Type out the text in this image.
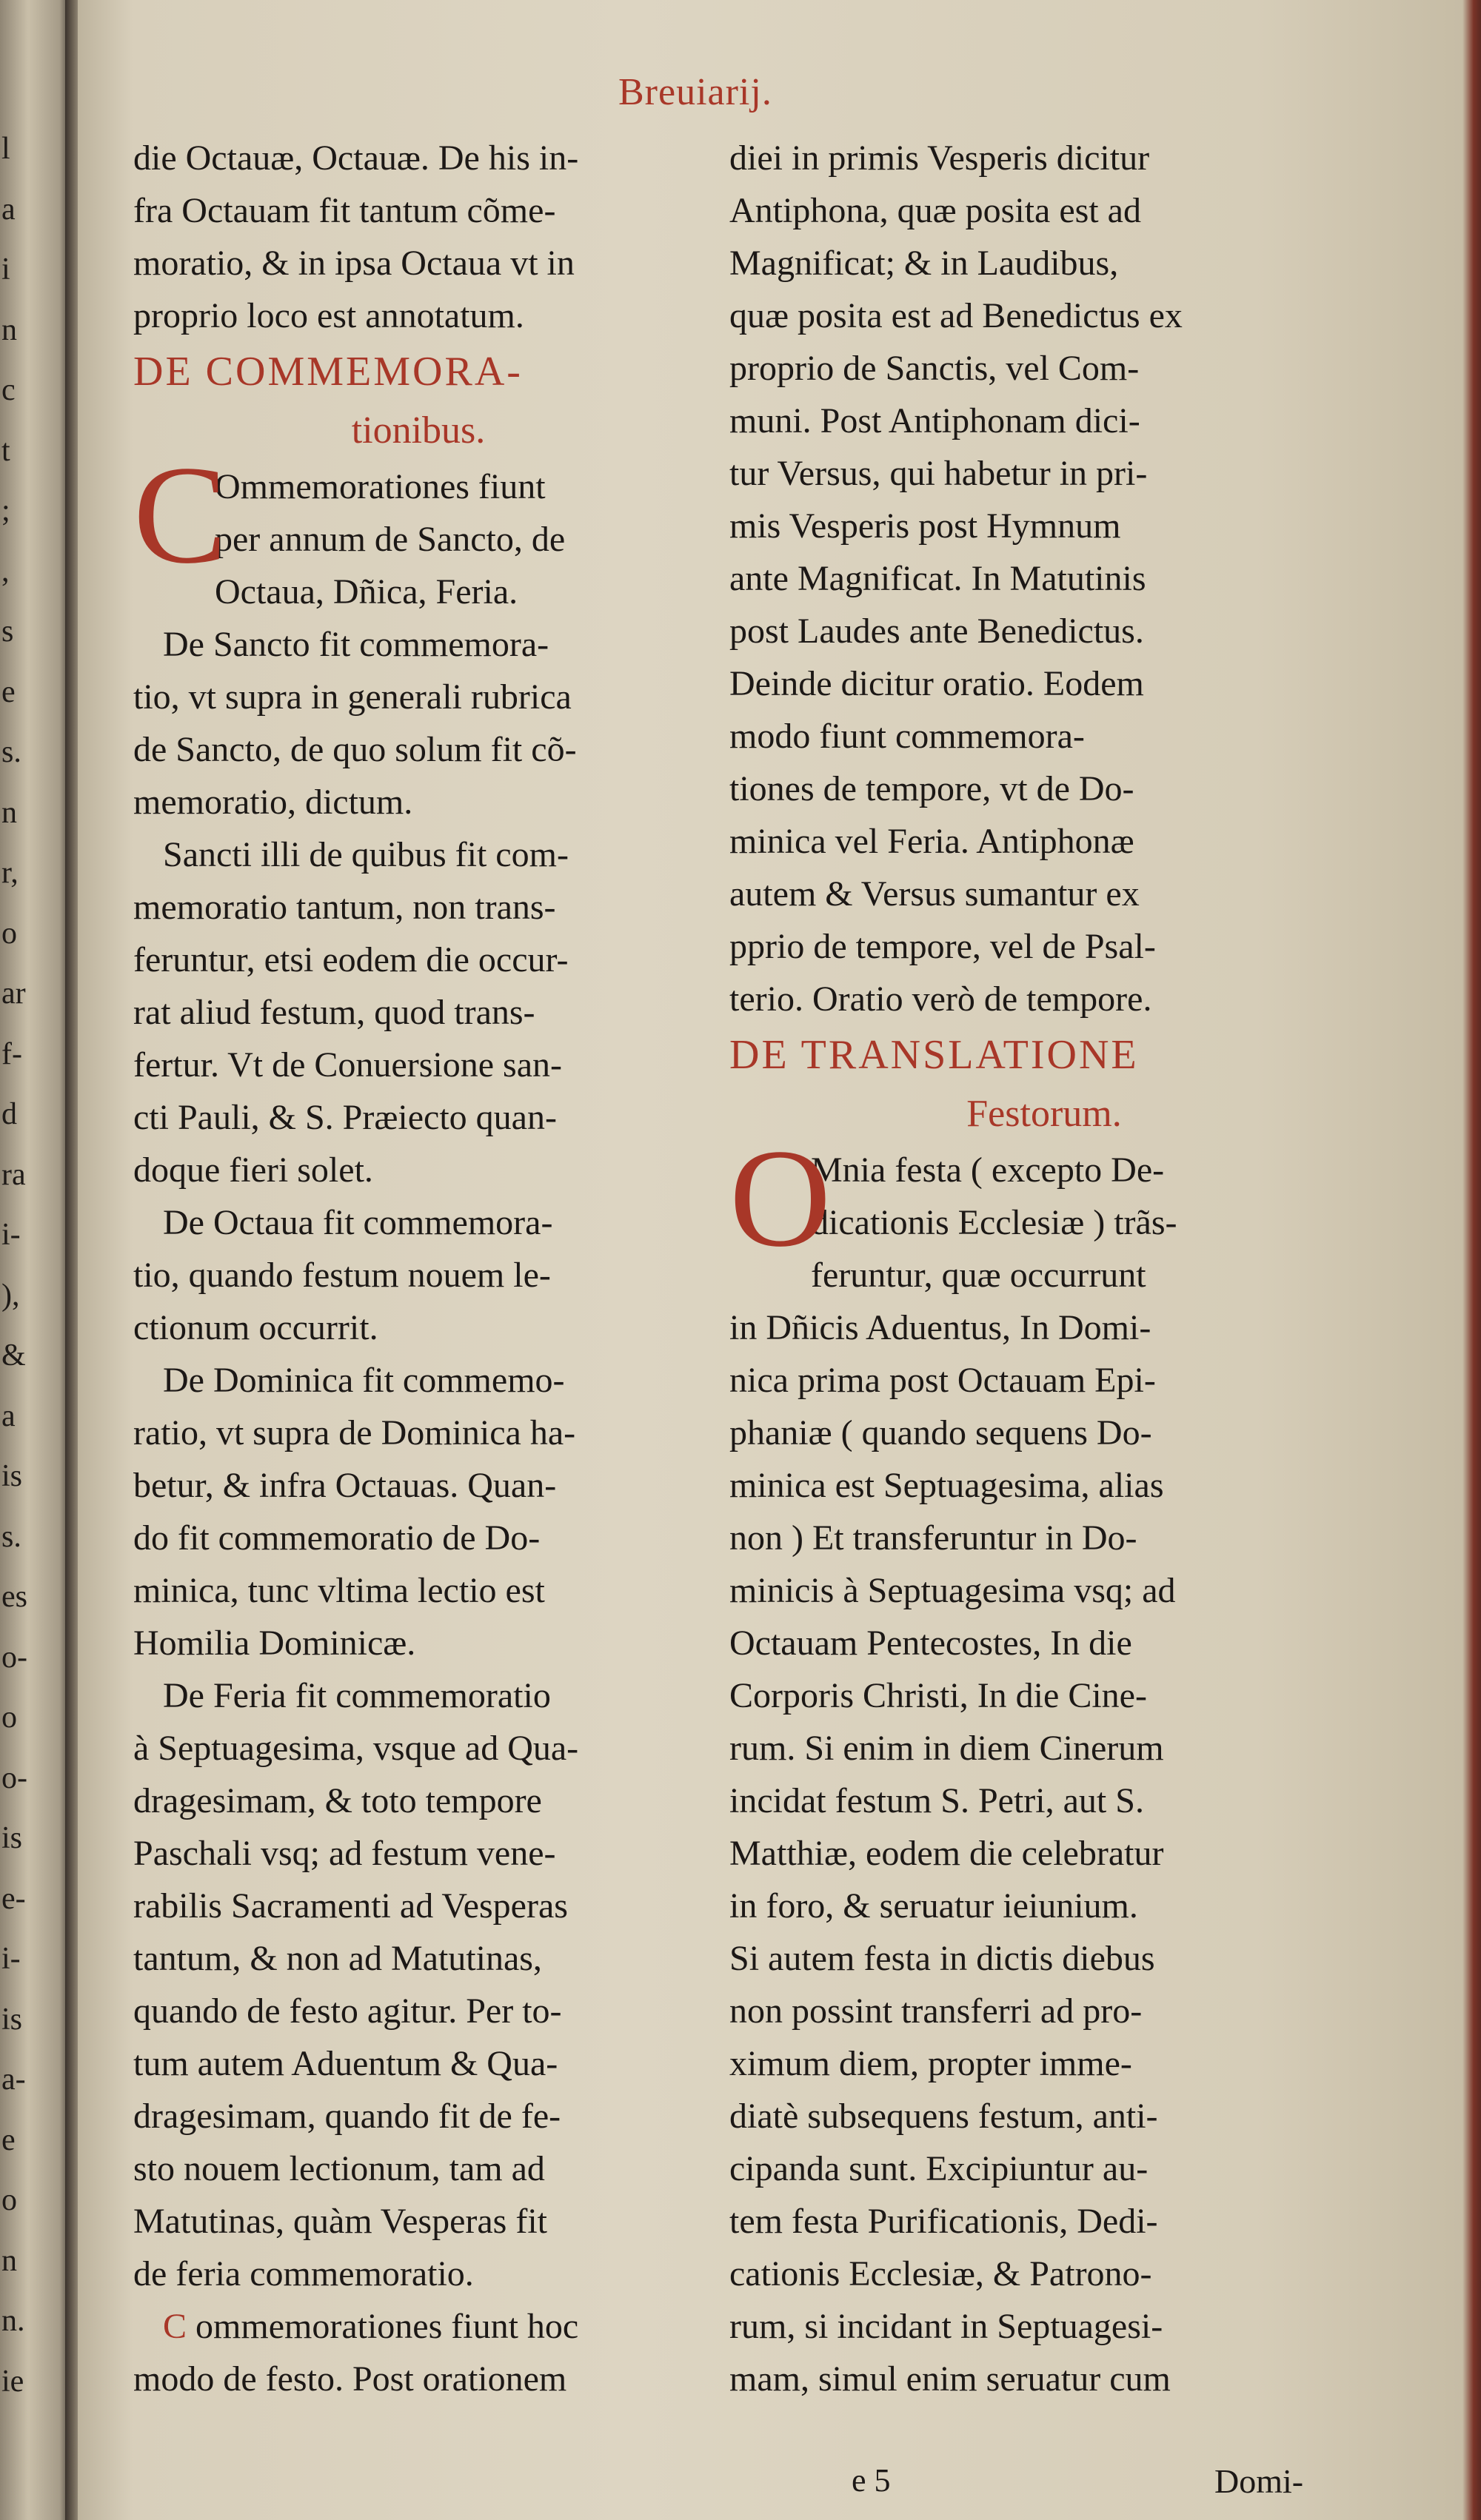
l
a
i
n
c
t
;
,
s
e
s.
n
r,
o
ar
f-
d
ra
i-
),
&
a
is
s.
es
o-
o
o-
is
e-
i-
is
a-
e
o
n
n.
ie
Breuiarij.
die Octauæ, Octauæ. De his in-
fra Octauam fit tantum cõme-
moratio, & in ipsa Octaua vt in
proprio loco est annotatum.
DE COMMEMORA-
tionibus.
C
Ommemorationes fiunt
per annum de Sancto, de
Octaua, Dñica, Feria.
De Sancto fit commemora-
tio, vt supra in generali rubrica
de Sancto, de quo solum fit cõ-
memoratio, dictum.
Sancti illi de quibus fit com-
memoratio tantum, non trans-
feruntur, etsi eodem die occur-
rat aliud festum, quod trans-
fertur. Vt de Conuersione san-
cti Pauli, & S. Præiecto quan-
doque fieri solet.
De Octaua fit commemora-
tio, quando festum nouem le-
ctionum occurrit.
De Dominica fit commemo-
ratio, vt supra de Dominica ha-
betur, & infra Octauas. Quan-
do fit commemoratio de Do-
minica, tunc vltima lectio est
Homilia Dominicæ.
De Feria fit commemoratio
à Septuagesima, vsque ad Qua-
dragesimam, & toto tempore
Paschali vsq; ad festum vene-
rabilis Sacramenti ad Vesperas
tantum, & non ad Matutinas,
quando de festo agitur. Per to-
tum autem Aduentum & Qua-
dragesimam, quando fit de fe-
sto nouem lectionum, tam ad
Matutinas, quàm Vesperas fit
de feria commemoratio.
C ommemorationes fiunt hoc
modo de festo. Post orationem
diei in primis Vesperis dicitur
Antiphona, quæ posita est ad
Magnificat; & in Laudibus,
quæ posita est ad Benedictus ex
proprio de Sanctis, vel Com-
muni. Post Antiphonam dici-
tur Versus, qui habetur in pri-
mis Vesperis post Hymnum
ante Magnificat. In Matutinis
post Laudes ante Benedictus.
Deinde dicitur oratio. Eodem
modo fiunt commemora-
tiones de tempore, vt de Do-
minica vel Feria. Antiphonæ
autem & Versus sumantur ex
pprio de tempore, vel de Psal-
terio. Oratio verò de tempore.
DE TRANSLATIONE
Festorum.
O
Mnia festa ( excepto De-
dicationis Ecclesiæ ) trãs-
feruntur, quæ occurrunt
in Dñicis Aduentus, In Domi-
nica prima post Octauam Epi-
phaniæ ( quando sequens Do-
minica est Septuagesima, alias
non ) Et transferuntur in Do-
minicis à Septuagesima vsq; ad
Octauam Pentecostes, In die
Corporis Christi, In die Cine-
rum. Si enim in diem Cinerum
incidat festum S. Petri, aut S.
Matthiæ, eodem die celebratur
in foro, & seruatur ieiunium.
Si autem festa in dictis diebus
non possint transferri ad pro-
ximum diem, propter imme-
diatè subsequens festum, anti-
cipanda sunt. Excipiuntur au-
tem festa Purificationis, Dedi-
cationis Ecclesiæ, & Patrono-
rum, si incidant in Septuagesi-
mam, simul enim seruatur cum
e 5	Domi-
